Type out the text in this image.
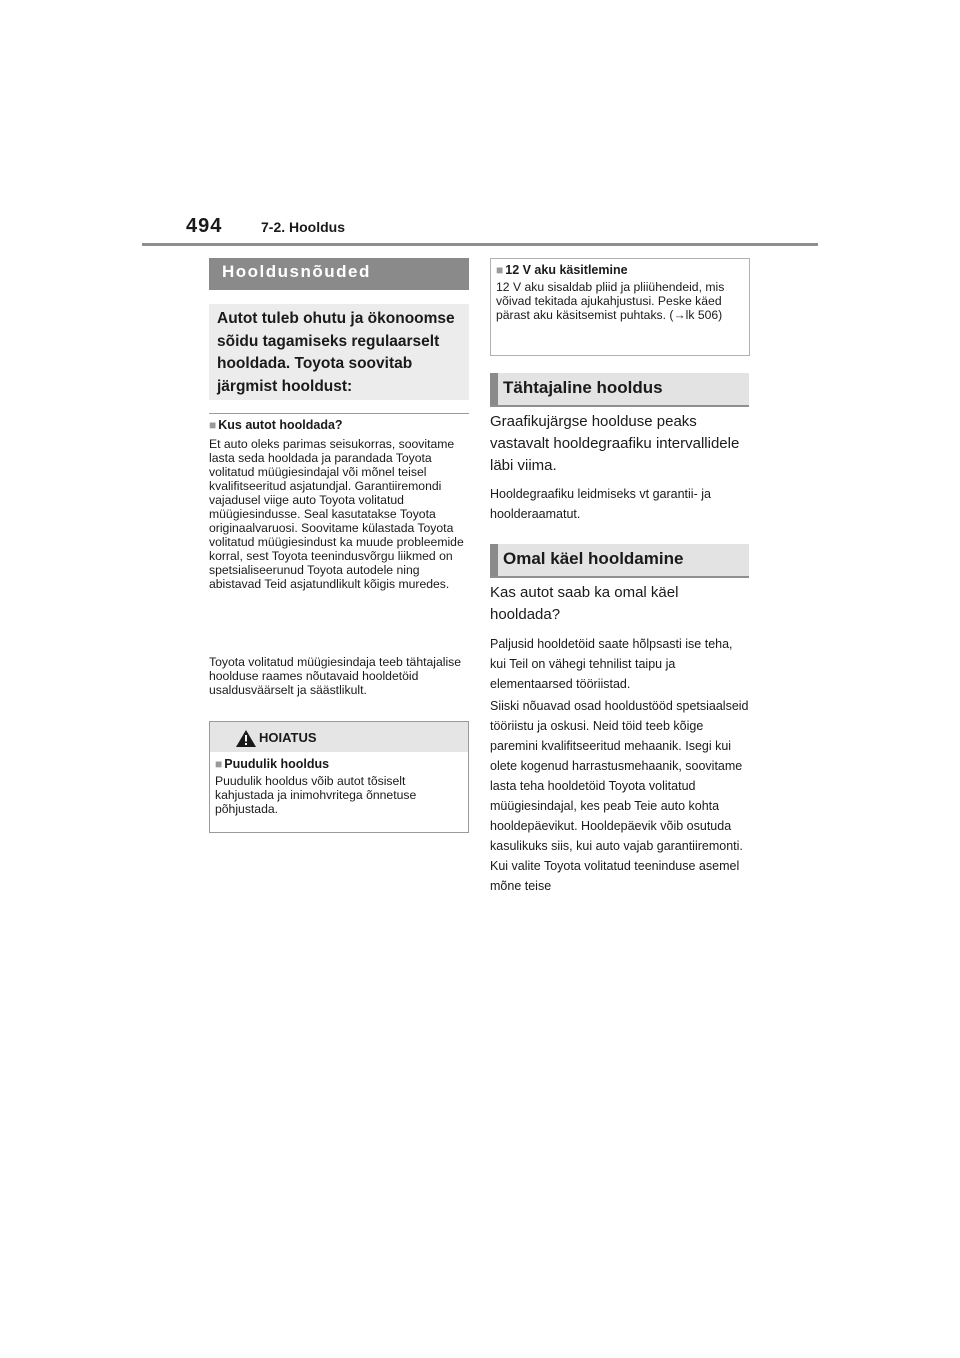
494	7-2. Hooldus
Hooldusnõuded

Autot tuleb ohutu ja ökonoomse sõidu tagamiseks regulaarselt hooldada. Toyota soovitab järgmist hooldust:

■ Kus autot hooldada?

Et auto oleks parimas seisukorras, soovitame lasta seda hooldada ja parandada Toyota volitatud müügiesindajal või mõnel teisel kvalifitseeritud asjatundjal. Garantiiremondi vajadusel viige auto Toyota volitatud müügiesindusse. Seal kasutatakse Toyota originaalvaruosi. Soovitame külastada Toyota volitatud müügiesindust ka muude probleemide korral, sest Toyota teenindusvõrgu liikmed on spetsialiseerunud Toyota autodele ning abistavad Teid asjatundlikult kõigis muredes.

Toyota volitatud müügiesindaja teeb tähtajalise hoolduse raames nõutavaid hooldetöid usaldusväärselt ja säästlikult.

HOIATUS

■ Puudulik hooldus

Puudulik hooldus võib autot tõsiselt kahjustada ja inimohvritega õnnetuse põhjustada.

■ 12 V aku käsitlemine

12 V aku sisaldab pliid ja pliiühendeid, mis võivad tekitada ajukahjustusi. Peske käed pärast aku käsitsemist puhtaks. (→lk 506)

Tähtajaline hooldus

Graafikujärgse hoolduse peaks vastavalt hooldegraafiku intervallidele läbi viima.

Hooldegraafiku leidmiseks vt garantii- ja hoolderaamatut.

Omal käel hooldamine

Kas autot saab ka omal käel hooldada?

Paljusid hooldetöid saate hõlpsasti ise teha, kui Teil on vähegi tehnilist taipu ja elementaarsed tööriistad.

Siiski nõuavad osad hooldustööd spetsiaalseid tööriistu ja oskusi. Neid töid teeb kõige paremini kvalifitseeritud mehaanik. Isegi kui olete kogenud harrastusmehaanik, soovitame lasta teha hooldetöid Toyota volitatud müügiesindajal, kes peab Teie auto kohta hooldepäevikut. Hooldepäevik võib osutuda kasulikuks siis, kui auto vajab garantiiremonti. Kui valite Toyota volitatud teeninduse asemel mõne teise
